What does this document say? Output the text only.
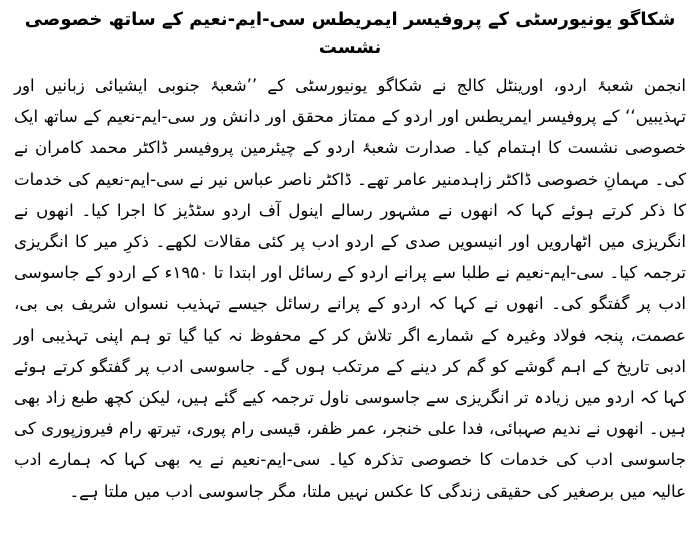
شکاگو یونیورسٹی کے پروفیسر ایمریطس سی-ایم-نعیم کے ساتھ خصوصی نشست

انجمن شعبۂ اردو، اورینٹل کالج نے شکاگو یونیورسٹی کے ’’شعبۂ جنوبی ایشیائی زبانیں اور تہذیبیں‘‘ کے پروفیسر ایمریطس اور اردو کے ممتاز محقق اور دانش ور سی-ایم-نعیم کے ساتھ ایک خصوصی نشست کا اہتمام کیا۔ صدارت شعبۂ اردو کے چیئرمین پروفیسر ڈاکٹر محمد کامران نے کی۔ مہمانِ خصوصی ڈاکٹر زاہدمنیر عامر تھے۔ ڈاکٹر ناصر عباس نیر نے سی-ایم-نعیم کی خدمات کا ذکر کرتے ہوئے کہا کہ انھوں نے مشہور رسالے اینول آف اردو سٹڈیز کا اجرا کیا۔ انھوں نے انگریزی میں اٹھارویں اور انیسویں صدی کے اردو ادب پر کئی مقالات لکھے۔ ذکرِ میر کا انگریزی ترجمہ کیا۔ سی-ایم-نعیم نے طلبا سے پرانے اردو کے رسائل اور ابتدا تا ۱۹۵۰ء کے اردو کے جاسوسی ادب پر گفتگو کی۔ انھوں نے کہا کہ اردو کے پرانے رسائل جیسے تہذیب نسواں شریف بی بی، عصمت، پنجہ فولاد وغیرہ کے شمارے اگر تلاش کر کے محفوظ نہ کیا گیا تو ہم اپنی تہذیبی اور ادبی تاریخ کے اہم گوشے کو گم کر دینے کے مرتکب ہوں گے۔ جاسوسی ادب پر گفتگو کرتے ہوئے کہا کہ اردو میں زیادہ تر انگریزی سے جاسوسی ناول ترجمہ کیے گئے ہیں، لیکن کچھ طبع زاد بھی ہیں۔ انھوں نے ندیم صہبائی، فدا علی خنجر، عمر ظفر، قیسی رام پوری، تیرتھ رام فیروزپوری کی جاسوسی ادب کی خدمات کا خصوصی تذکرہ کیا۔ سی-ایم-نعیم نے یہ بھی کہا کہ ہمارے ادب عالیہ میں برصغیر کی حقیقی زندگی کا عکس نہیں ملتا، مگر جاسوسی ادب میں ملتا ہے۔
